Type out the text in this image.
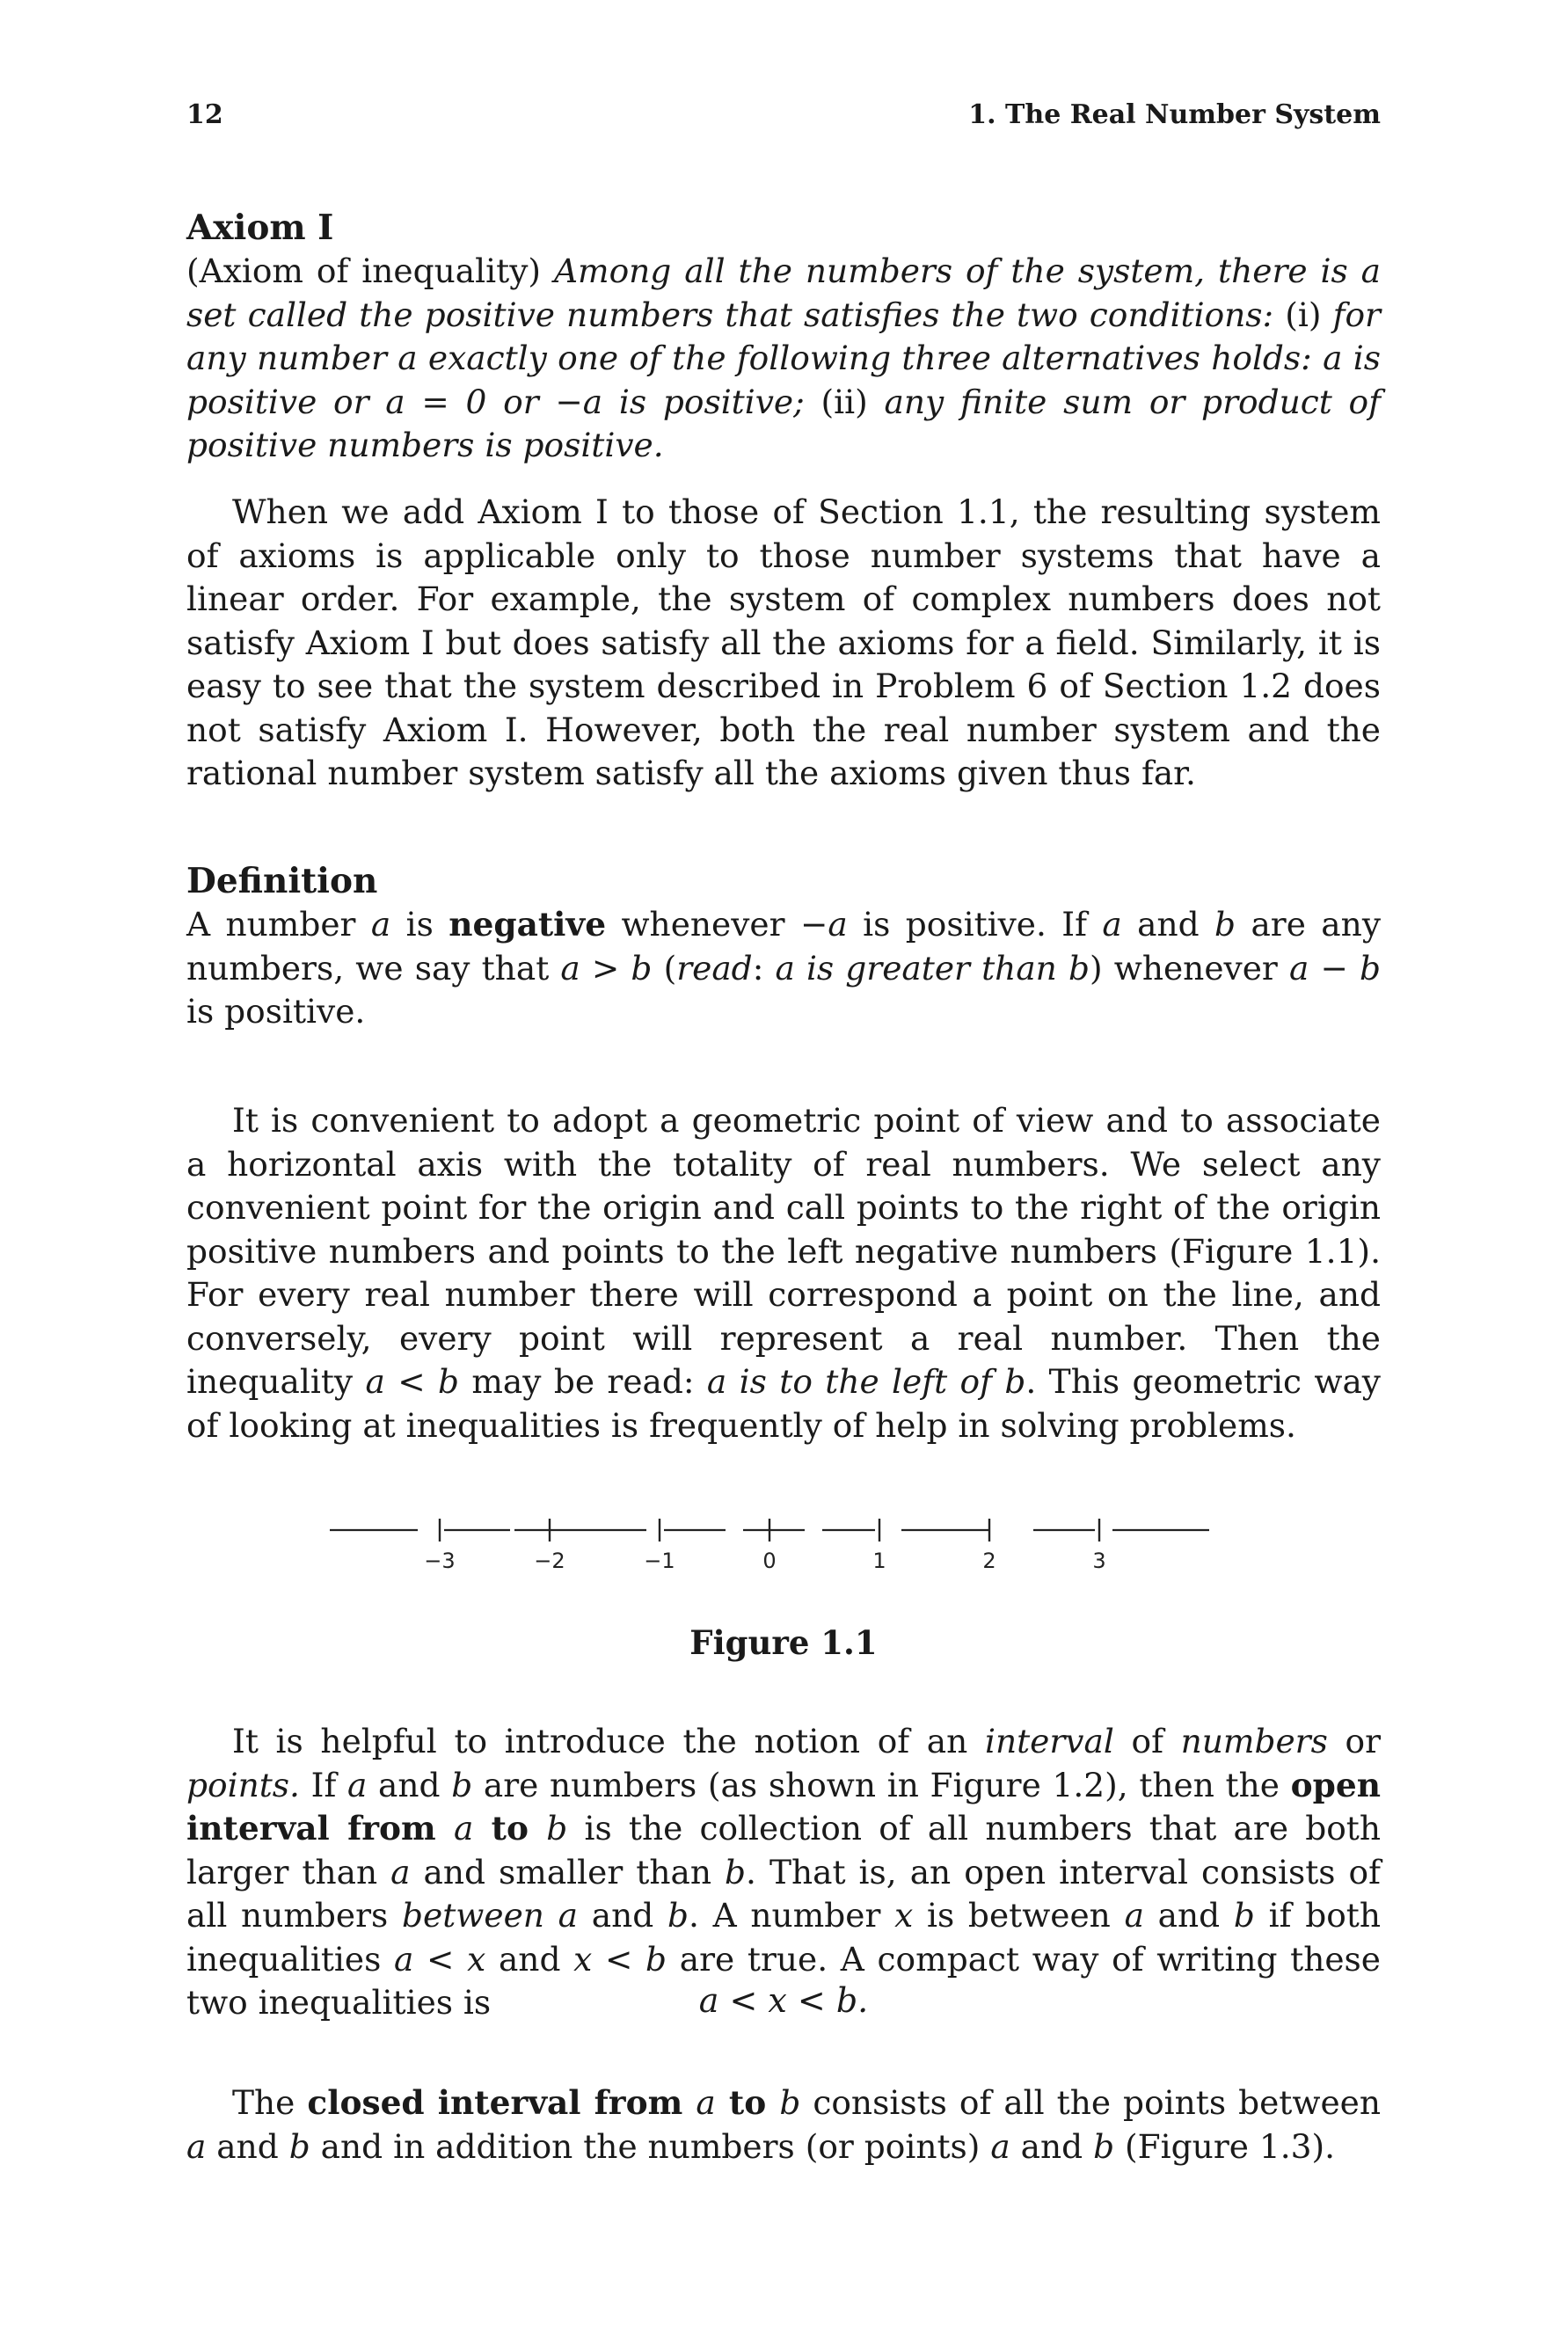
12	1. The Real Number System
Axiom I
(Axiom of inequality) Among all the numbers of the system, there is a set called the positive numbers that satisfies the two conditions: (i) for any number a exactly one of the following three alternatives holds: a is positive or a = 0 or −a is positive; (ii) any finite sum or product of positive numbers is positive.
When we add Axiom I to those of Section 1.1, the resulting system of axioms is applicable only to those number systems that have a linear order. For example, the system of complex numbers does not satisfy Axiom I but does satisfy all the axioms for a field. Similarly, it is easy to see that the system described in Problem 6 of Section 1.2 does not satisfy Axiom I. However, both the real number system and the rational number system satisfy all the axioms given thus far.
Definition
A number a is negative whenever −a is positive. If a and b are any numbers, we say that a > b (read: a is greater than b) whenever a − b is positive.
It is convenient to adopt a geometric point of view and to associate a horizontal axis with the totality of real numbers. We select any convenient point for the origin and call points to the right of the origin positive numbers and points to the left negative numbers (Figure 1.1). For every real number there will correspond a point on the line, and conversely, every point will represent a real number. Then the inequality a < b may be read: a is to the left of b. This geometric way of looking at inequalities is frequently of help in solving problems.
−3	−2	−1	0	1	2	3
Figure 1.1
It is helpful to introduce the notion of an interval of numbers or points. If a and b are numbers (as shown in Figure 1.2), then the open interval from a to b is the collection of all numbers that are both larger than a and smaller than b. That is, an open interval consists of all numbers between a and b. A number x is between a and b if both inequalities a < x and x < b are true. A compact way of writing these two inequalities is	a < x < b.
The closed interval from a to b consists of all the points between a and b and in addition the numbers (or points) a and b (Figure 1.3).
